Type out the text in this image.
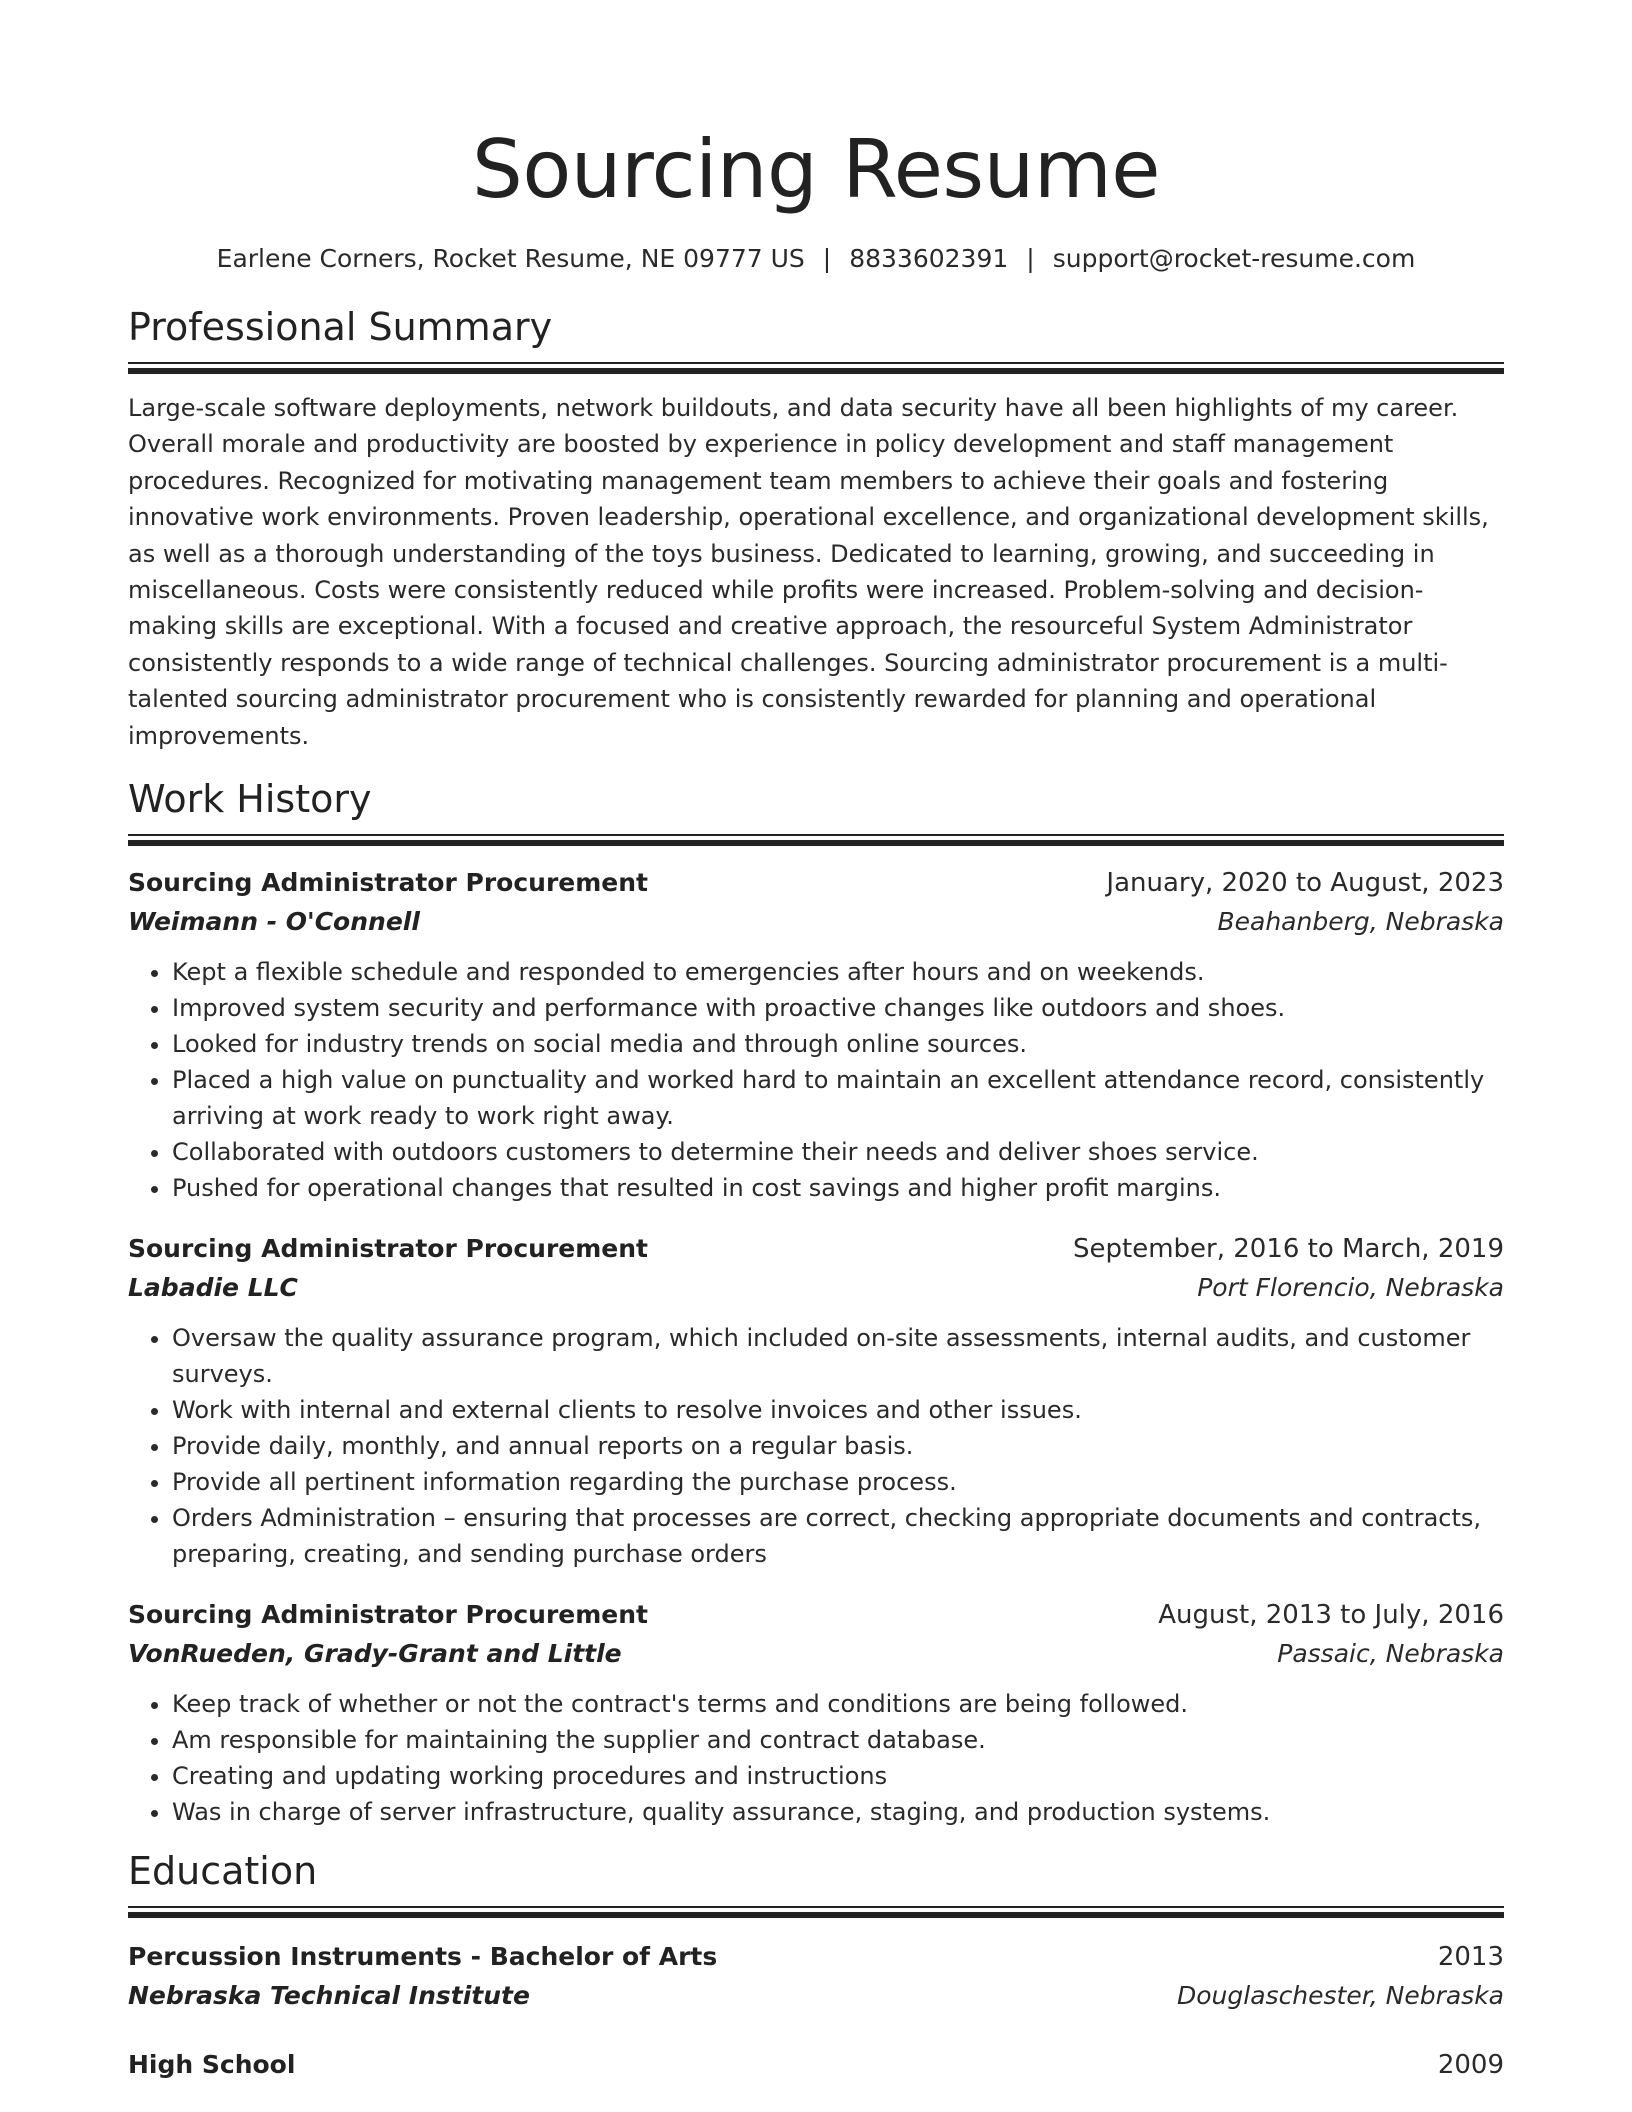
Sourcing Resume
Earlene Corners, Rocket Resume, NE 09777 US | 8833602391 | support@rocket-resume.com
Professional Summary

Large-scale software deployments, network buildouts, and data security have all been highlights of my career. Overall morale and productivity are boosted by experience in policy development and staff management procedures. Recognized for motivating management team members to achieve their goals and fostering innovative work environments. Proven leadership, operational excellence, and organizational development skills, as well as a thorough understanding of the toys business. Dedicated to learning, growing, and succeeding in miscellaneous. Costs were consistently reduced while profits were increased. Problem-solving and decision-making skills are exceptional. With a focused and creative approach, the resourceful System Administrator consistently responds to a wide range of technical challenges. Sourcing administrator procurement is a multi-talented sourcing administrator procurement who is consistently rewarded for planning and operational improvements.

Work History
Sourcing Administrator Procurement	January, 2020 to August, 2023
Weimann - O'Connell	Beahanberg, Nebraska
• Kept a flexible schedule and responded to emergencies after hours and on weekends.
• Improved system security and performance with proactive changes like outdoors and shoes.
• Looked for industry trends on social media and through online sources.
• Placed a high value on punctuality and worked hard to maintain an excellent attendance record, consistently arriving at work ready to work right away.
• Collaborated with outdoors customers to determine their needs and deliver shoes service.
• Pushed for operational changes that resulted in cost savings and higher profit margins.
Sourcing Administrator Procurement	September, 2016 to March, 2019
Labadie LLC	Port Florencio, Nebraska
• Oversaw the quality assurance program, which included on-site assessments, internal audits, and customer surveys.
• Work with internal and external clients to resolve invoices and other issues.
• Provide daily, monthly, and annual reports on a regular basis.
• Provide all pertinent information regarding the purchase process.
• Orders Administration – ensuring that processes are correct, checking appropriate documents and contracts, preparing, creating, and sending purchase orders
Sourcing Administrator Procurement	August, 2013 to July, 2016
VonRueden, Grady-Grant and Little	Passaic, Nebraska
• Keep track of whether or not the contract's terms and conditions are being followed.
• Am responsible for maintaining the supplier and contract database.
• Creating and updating working procedures and instructions
• Was in charge of server infrastructure, quality assurance, staging, and production systems.
Education
Percussion Instruments - Bachelor of Arts	2013
Nebraska Technical Institute	Douglaschester, Nebraska
High School	2009
